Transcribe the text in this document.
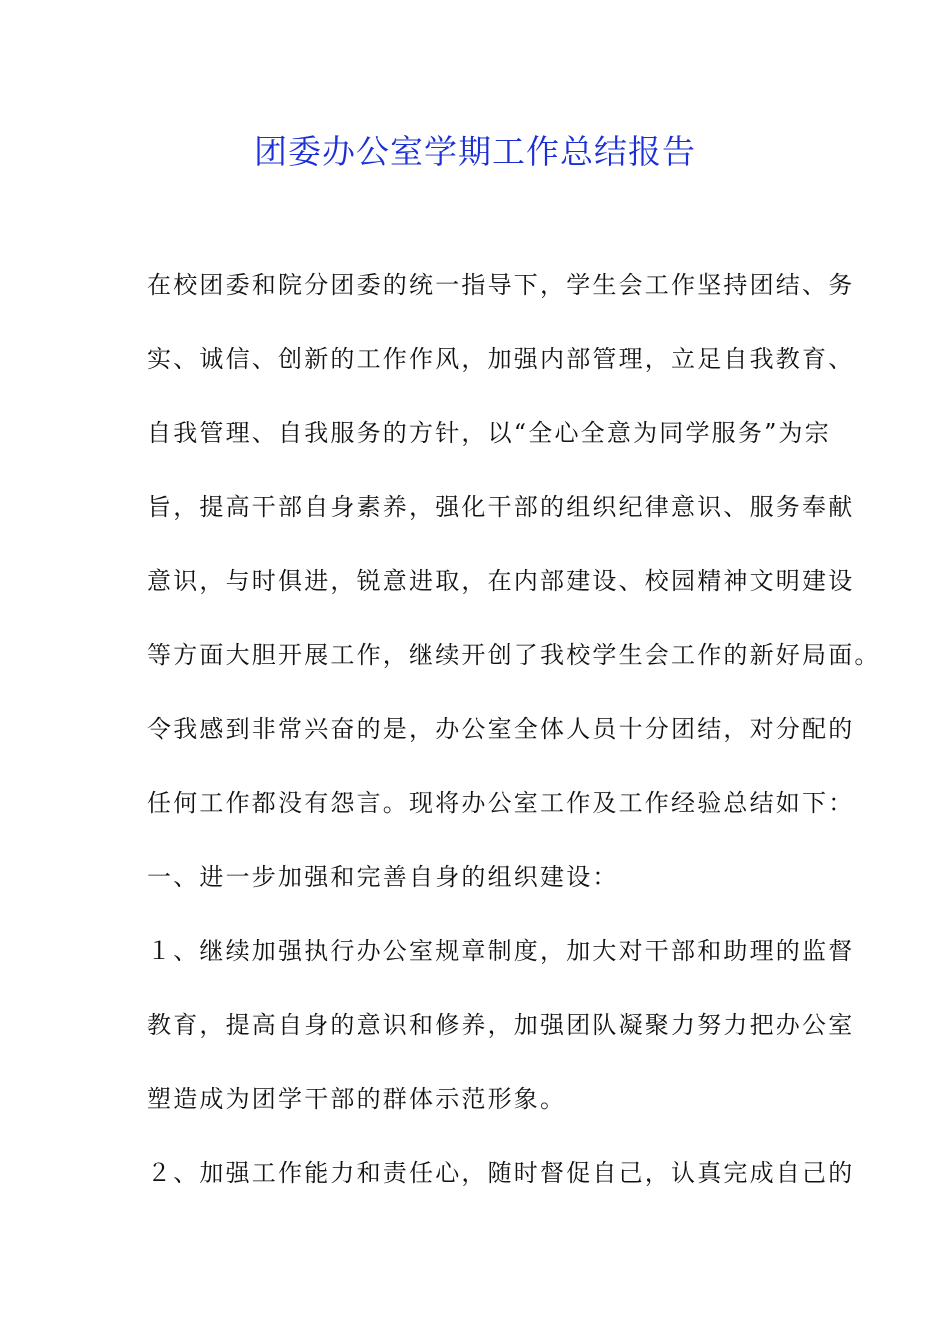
团委办公室学期工作总结报告

在校团委和院分团委的统一指导下，学生会工作坚持团结、务

实、诚信、创新的工作作风，加强内部管理，立足自我教育、

自我管理、自我服务的方针，以“全心全意为同学服务”为宗

旨，提高干部自身素养，强化干部的组织纪律意识、服务奉献

意识，与时俱进，锐意进取，在内部建设、校园精神文明建设

等方面大胆开展工作，继续开创了我校学生会工作的新好局面。

令我感到非常兴奋的是，办公室全体人员十分团结，对分配的

任何工作都没有怨言。现将办公室工作及工作经验总结如下：

一、进一步加强和完善自身的组织建设：

１、继续加强执行办公室规章制度，加大对干部和助理的监督

教育，提高自身的意识和修养，加强团队凝聚力努力把办公室

塑造成为团学干部的群体示范形象。

２、加强工作能力和责任心，随时督促自己，认真完成自己的
